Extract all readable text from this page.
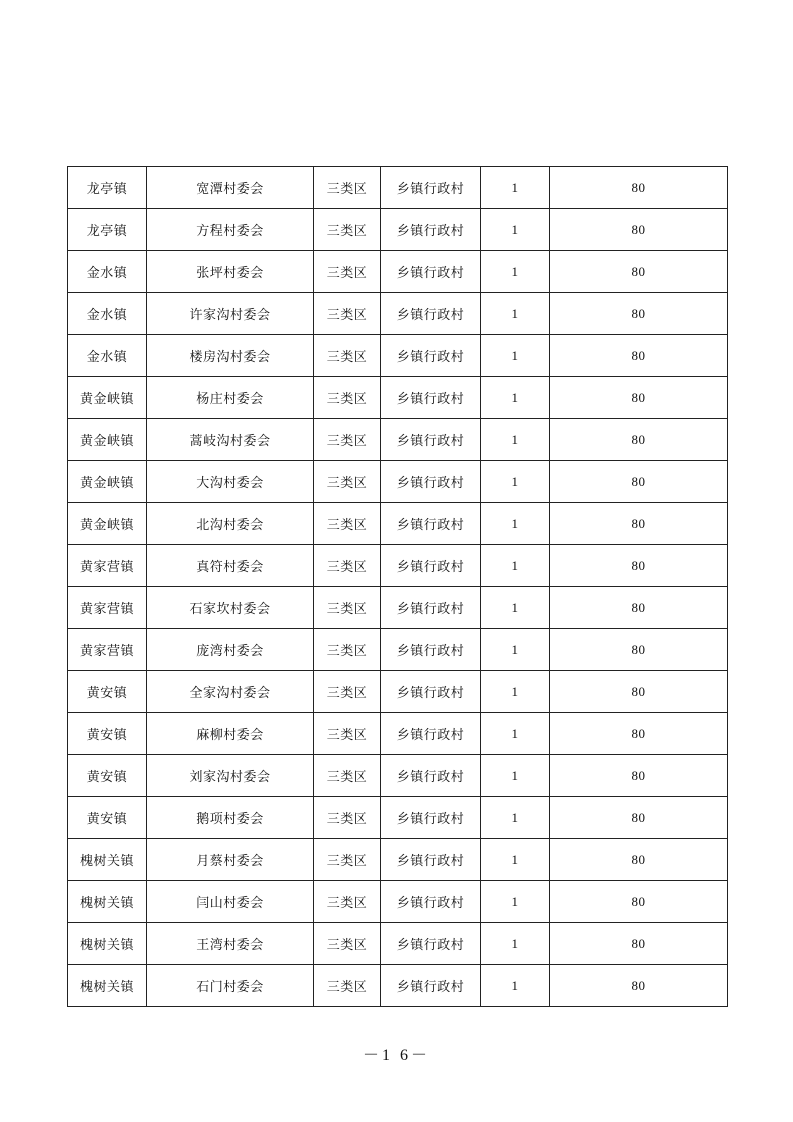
龙亭镇	宽潭村委会	三类区	乡镇行政村	1	80
龙亭镇	方程村委会	三类区	乡镇行政村	1	80
金水镇	张坪村委会	三类区	乡镇行政村	1	80
金水镇	许家沟村委会	三类区	乡镇行政村	1	80
金水镇	楼房沟村委会	三类区	乡镇行政村	1	80
黄金峡镇	杨庄村委会	三类区	乡镇行政村	1	80
黄金峡镇	蒿岐沟村委会	三类区	乡镇行政村	1	80
黄金峡镇	大沟村委会	三类区	乡镇行政村	1	80
黄金峡镇	北沟村委会	三类区	乡镇行政村	1	80
黄家营镇	真符村委会	三类区	乡镇行政村	1	80
黄家营镇	石家坎村委会	三类区	乡镇行政村	1	80
黄家营镇	庞湾村委会	三类区	乡镇行政村	1	80
黄安镇	全家沟村委会	三类区	乡镇行政村	1	80
黄安镇	麻柳村委会	三类区	乡镇行政村	1	80
黄安镇	刘家沟村委会	三类区	乡镇行政村	1	80
黄安镇	鹅项村委会	三类区	乡镇行政村	1	80
槐树关镇	月蔡村委会	三类区	乡镇行政村	1	80
槐树关镇	闫山村委会	三类区	乡镇行政村	1	80
槐树关镇	王湾村委会	三类区	乡镇行政村	1	80
槐树关镇	石门村委会	三类区	乡镇行政村	1	80
－1 6－
